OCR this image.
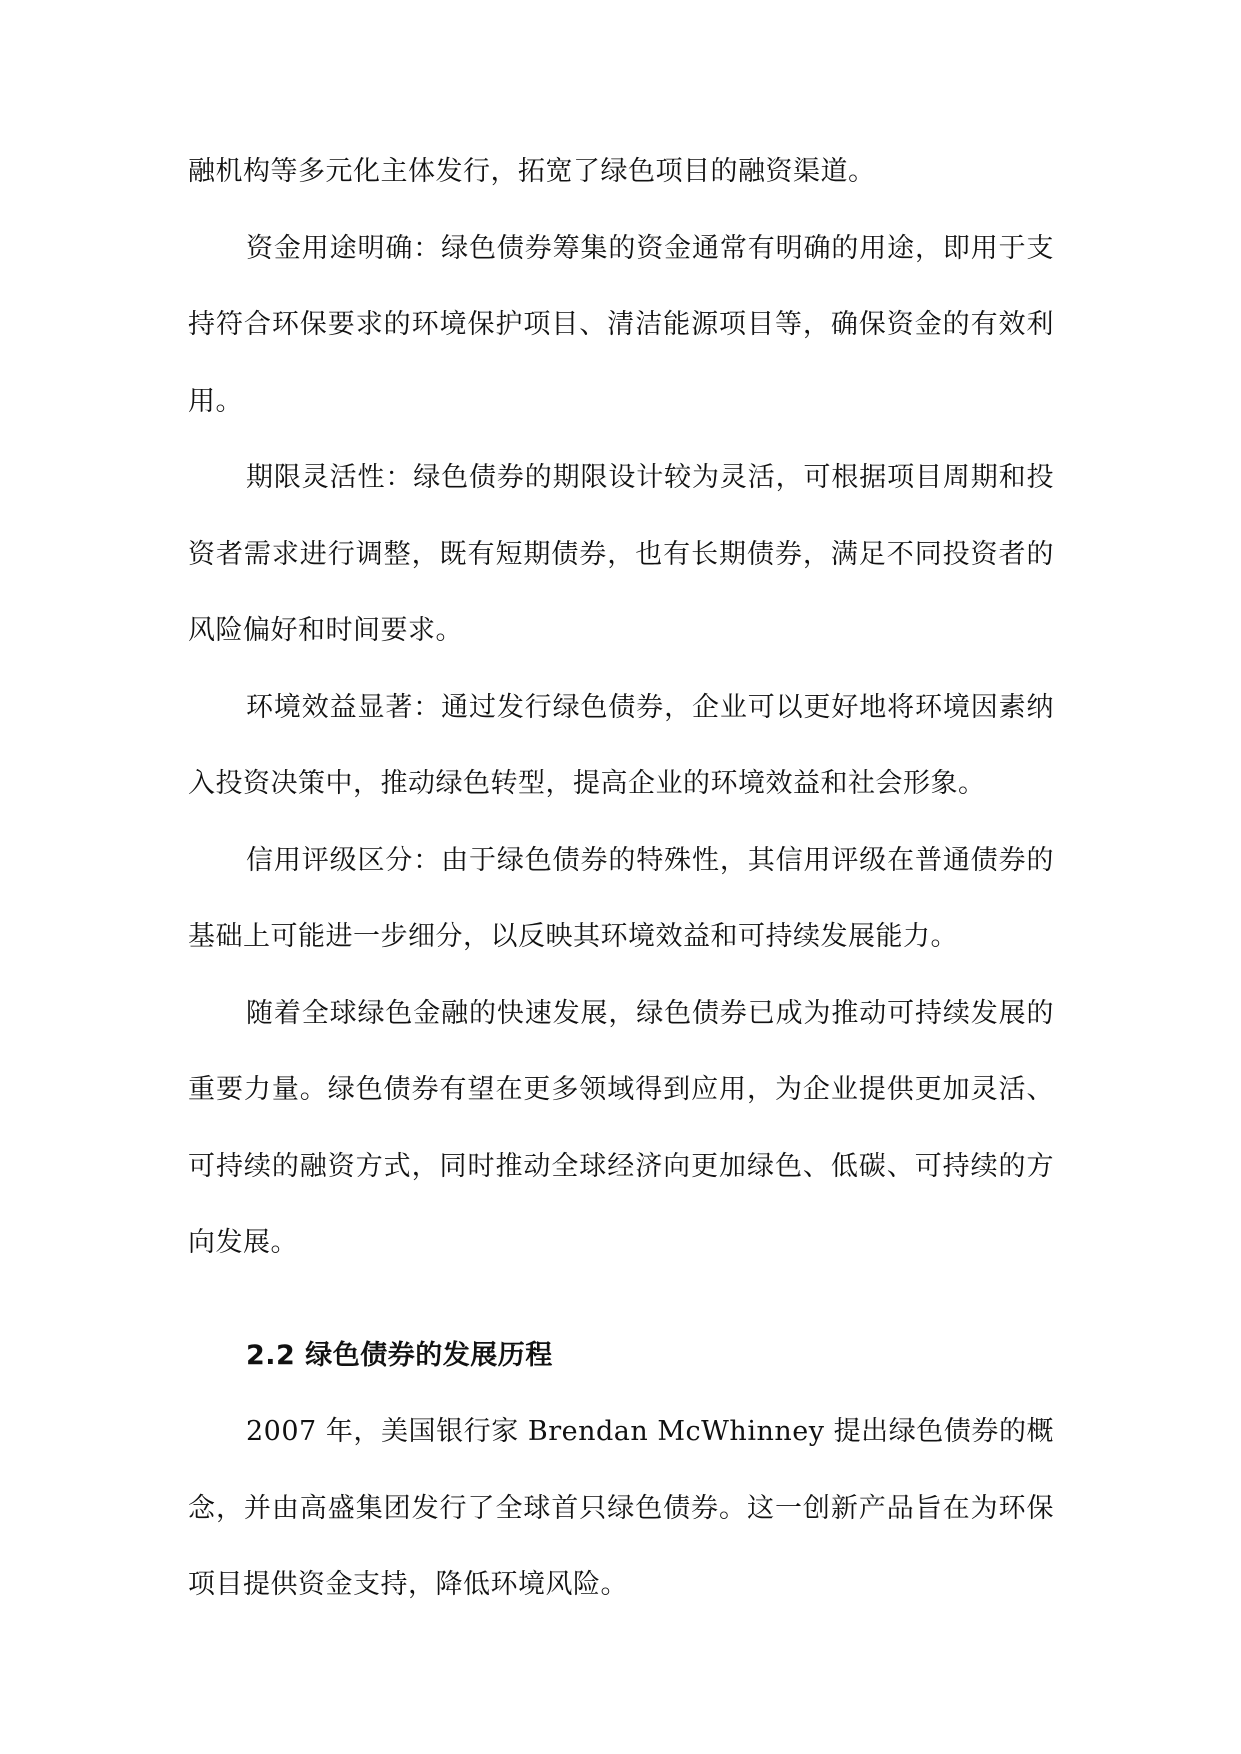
融机构等多元化主体发行，拓宽了绿色项目的融资渠道。

资金用途明确：绿色债券筹集的资金通常有明确的用途，即用于支持符合环保要求的环境保护项目、清洁能源项目等，确保资金的有效利用。

期限灵活性：绿色债券的期限设计较为灵活，可根据项目周期和投资者需求进行调整，既有短期债券，也有长期债券，满足不同投资者的风险偏好和时间要求。

环境效益显著：通过发行绿色债券，企业可以更好地将环境因素纳入投资决策中，推动绿色转型，提高企业的环境效益和社会形象。

信用评级区分：由于绿色债券的特殊性，其信用评级在普通债券的基础上可能进一步细分，以反映其环境效益和可持续发展能力。

随着全球绿色金融的快速发展，绿色债券已成为推动可持续发展的重要力量。绿色债券有望在更多领域得到应用，为企业提供更加灵活、可持续的融资方式，同时推动全球经济向更加绿色、低碳、可持续的方向发展。

2.2 绿色债券的发展历程

2007 年，美国银行家 Brendan McWhinney 提出绿色债券的概念，并由高盛集团发行了全球首只绿色债券。这一创新产品旨在为环保项目提供资金支持，降低环境风险。
